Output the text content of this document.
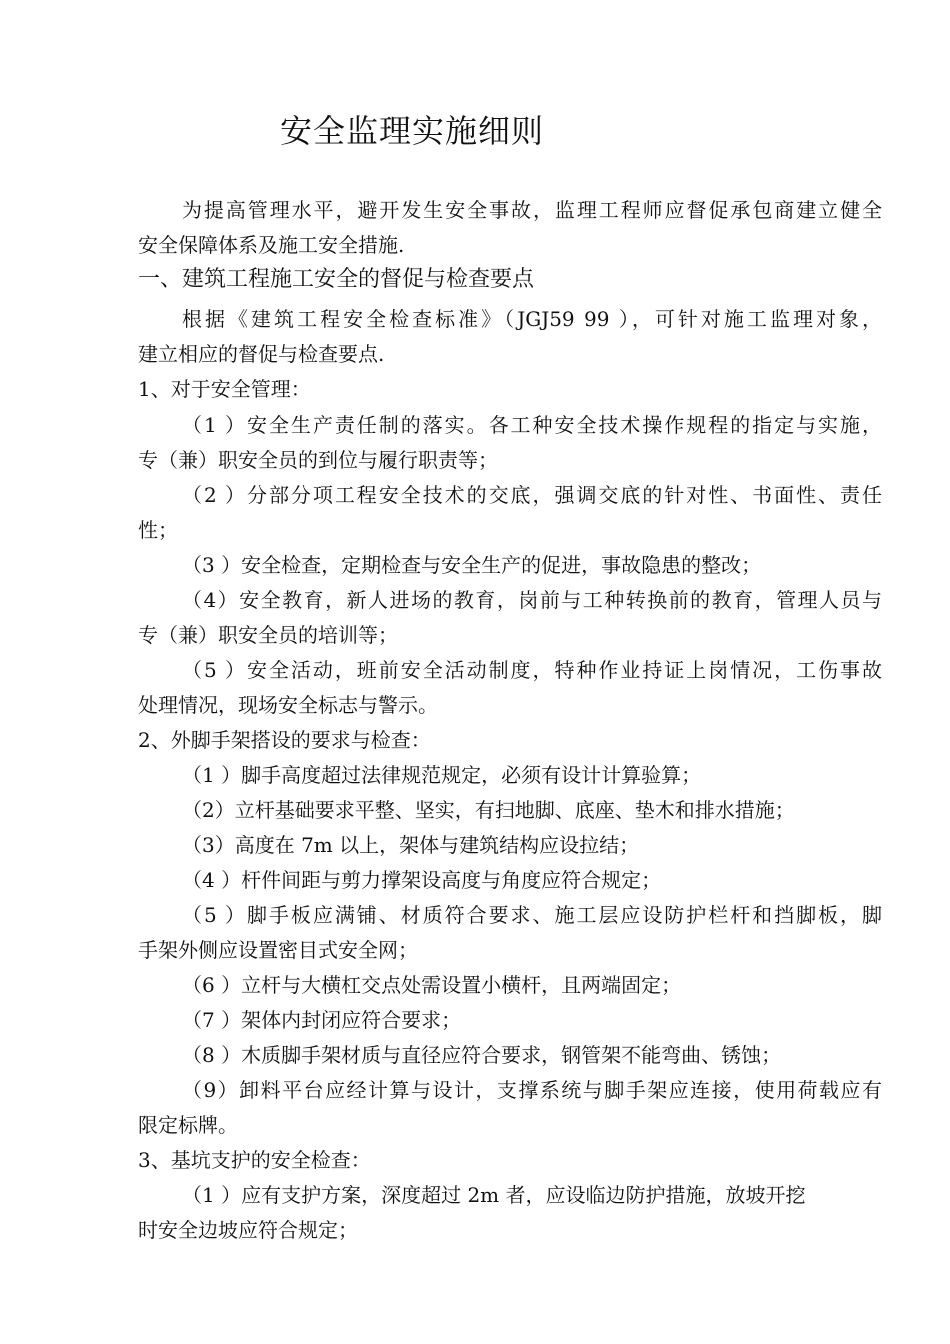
安全监理实施细则
为提高管理水平，避开发生安全事故，监理工程师应督促承包商建立健全
安全保障体系及施工安全措施.
一、建筑工程施工安全的督促与检查要点
根据《建筑工程安全检查标准》（JGJ59 99 ），可针对施工监理对象，
建立相应的督促与检查要点.
1、对于安全管理：
（1 ）安全生产责任制的落实。各工种安全技术操作规程的指定与实施，
专（兼）职安全员的到位与履行职责等；
（2 ）分部分项工程安全技术的交底，强调交底的针对性、书面性、责任
性；
（3 ）安全检查，定期检查与安全生产的促进，事故隐患的整改；
（4）安全教育，新人进场的教育，岗前与工种转换前的教育，管理人员与
专（兼）职安全员的培训等；
（5 ）安全活动，班前安全活动制度，特种作业持证上岗情况，工伤事故
处理情况，现场安全标志与警示。
2、外脚手架搭设的要求与检查：
（1 ）脚手高度超过法律规范规定，必须有设计计算验算；
（2）立杆基础要求平整、坚实，有扫地脚、底座、垫木和排水措施；
（3）高度在 7m 以上，架体与建筑结构应设拉结；
（4 ）杆件间距与剪力撑架设高度与角度应符合规定；
（5 ）脚手板应满铺、材质符合要求、施工层应设防护栏杆和挡脚板，脚
手架外侧应设置密目式安全网；
（6 ）立杆与大横杠交点处需设置小横杆，且两端固定；
（7 ）架体内封闭应符合要求；
（8 ）木质脚手架材质与直径应符合要求，钢管架不能弯曲、锈蚀；
（9）卸料平台应经计算与设计，支撑系统与脚手架应连接，使用荷载应有
限定标牌。
3、基坑支护的安全检查：
（1 ）应有支护方案，深度超过 2m 者，应设临边防护措施，放坡开挖
时安全边坡应符合规定；
